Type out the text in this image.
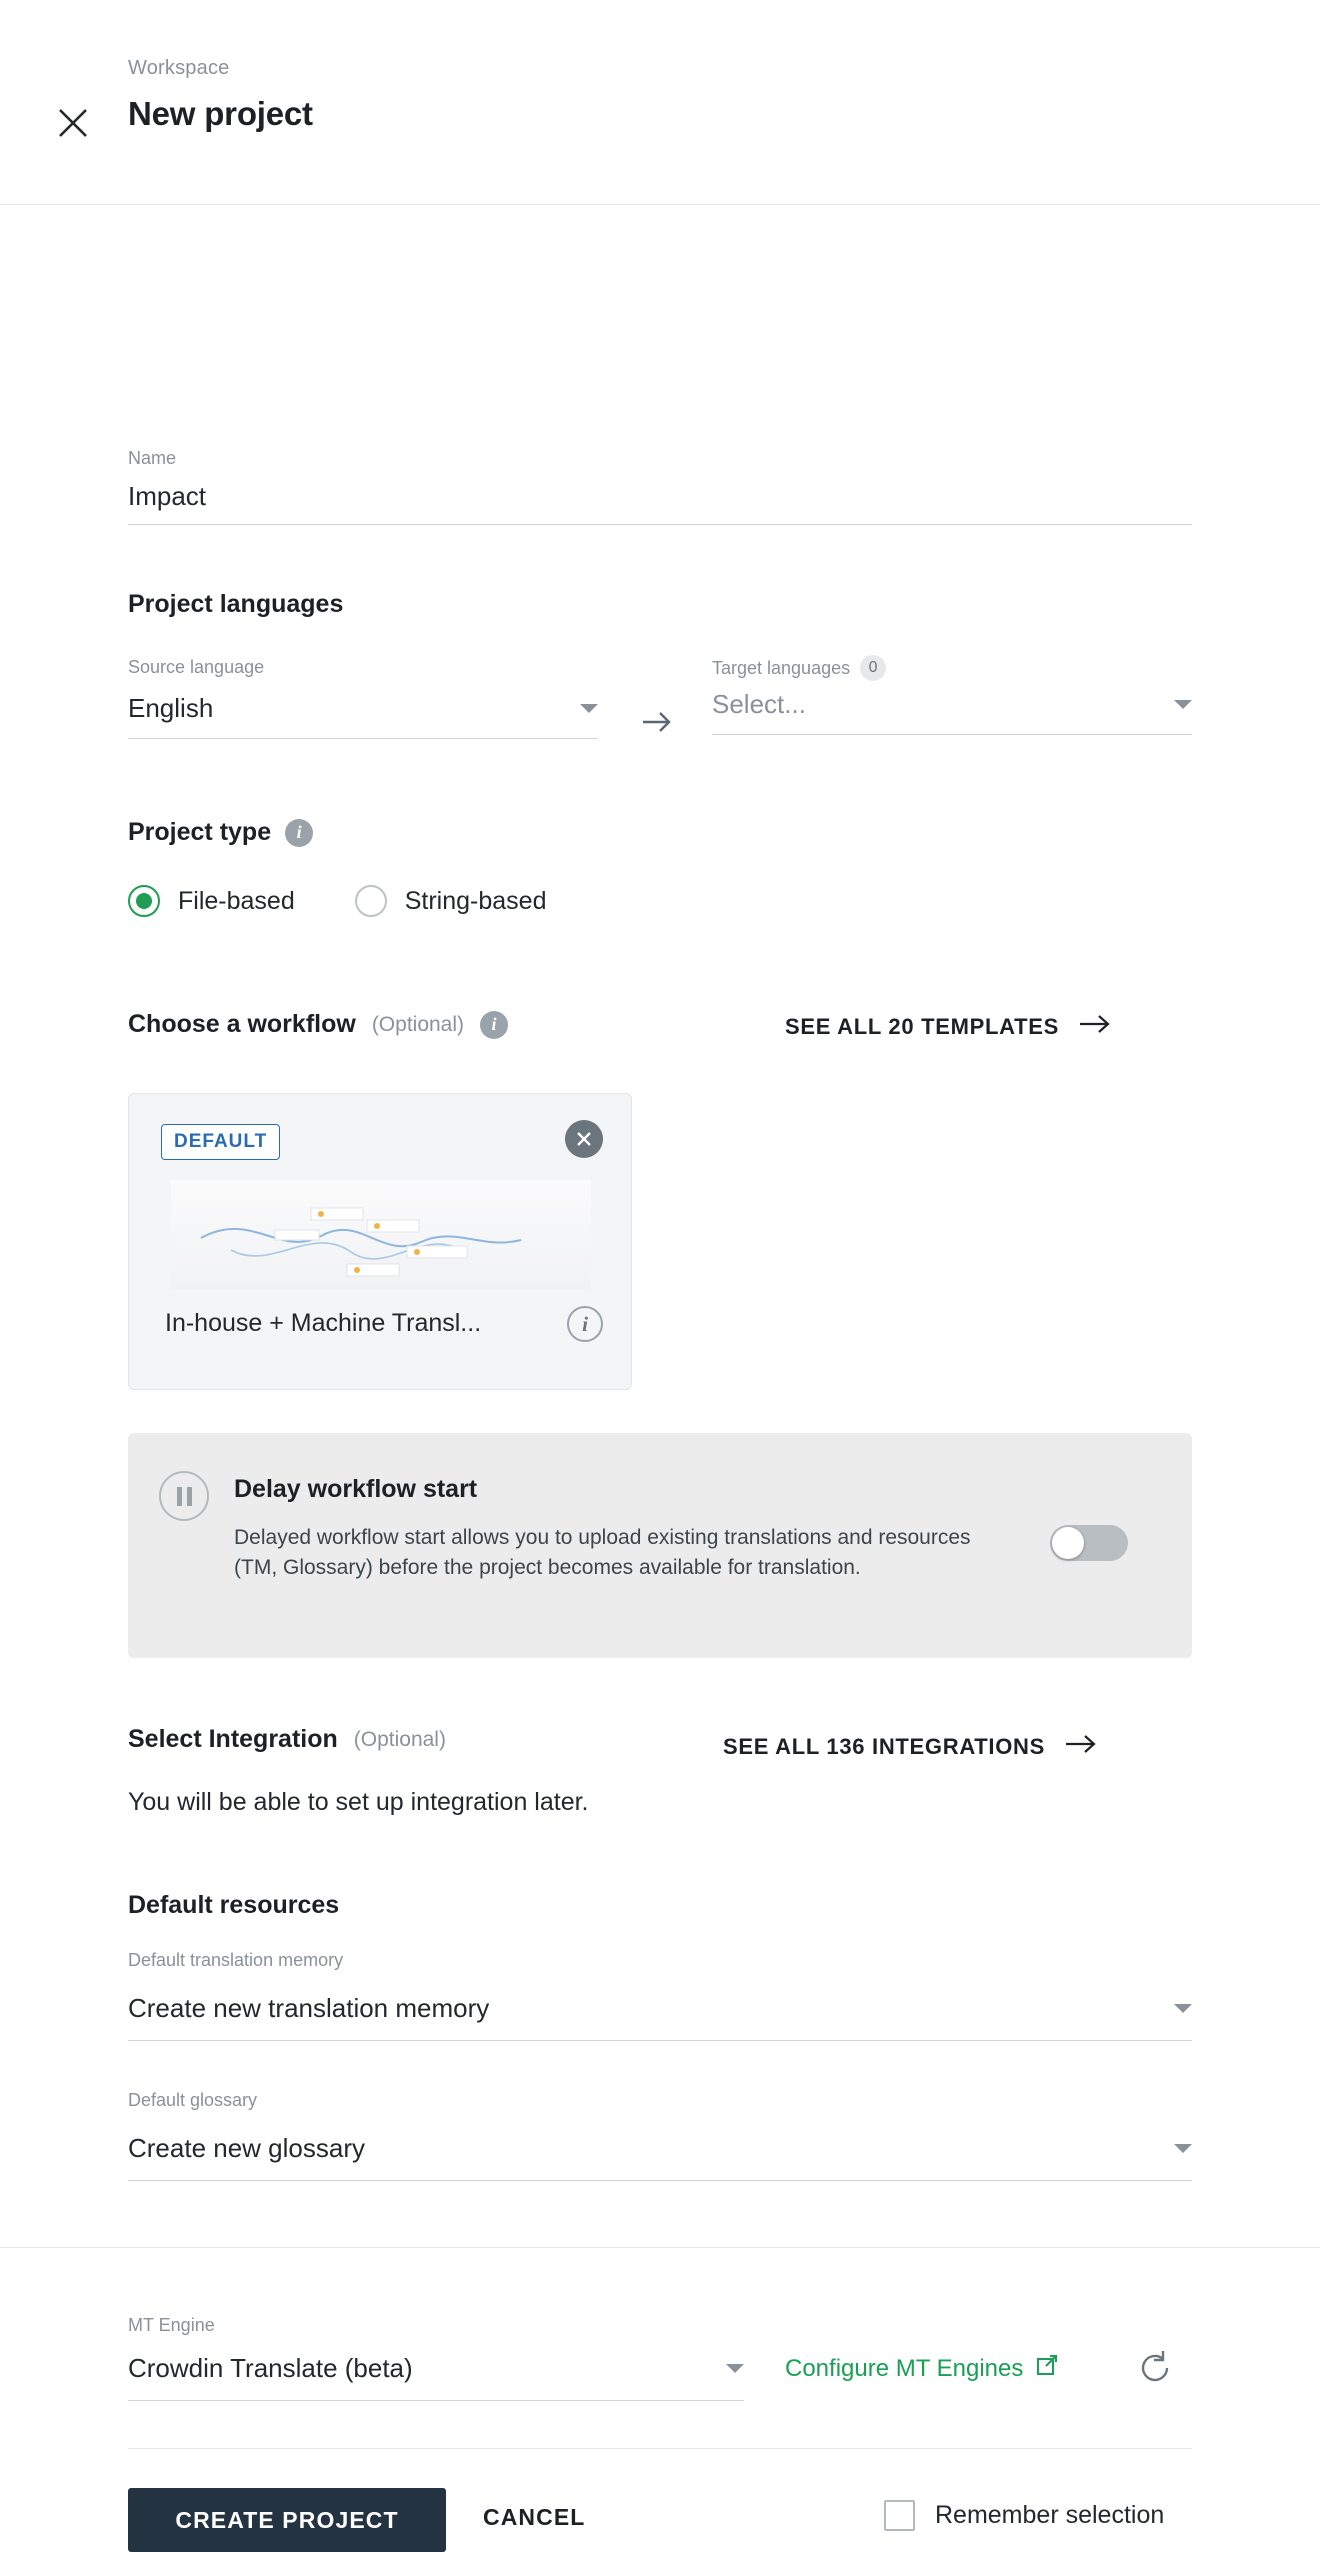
Workspace
New project
Name
Impact
Project languages
Source language
English
Target languages	0
Select...
Project type	i
File-based	String-based
Choose a workflow (Optional)	i	SEE ALL 20 TEMPLATES
DEFAULT
In-house + Machine Transl...	i
Delay workflow start
Delayed workflow start allows you to upload existing translations and resources (TM, Glossary) before the project becomes available for translation.
Select Integration (Optional)	SEE ALL 136 INTEGRATIONS
You will be able to set up integration later.
Default resources
Default translation memory
Create new translation memory
Default glossary
Create new glossary
MT Engine
Crowdin Translate (beta)	Configure MT Engines
CREATE PROJECT	CANCEL	Remember selection
